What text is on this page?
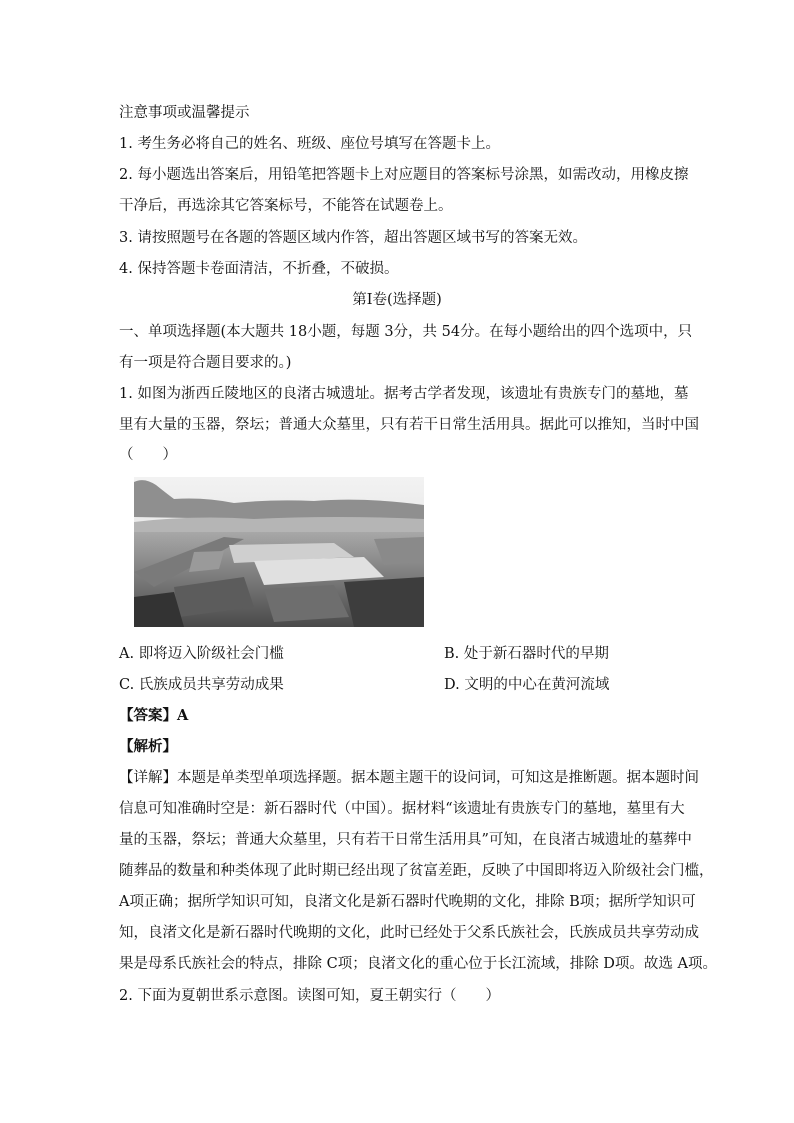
注意事项或温馨提示
1. 考生务必将自己的姓名、班级、座位号填写在答题卡上。
2. 每小题选出答案后，用铅笔把答题卡上对应题目的答案标号涂黑，如需改动，用橡皮擦
干净后，再选涂其它答案标号，不能答在试题卷上。
3. 请按照题号在各题的答题区域内作答，超出答题区域书写的答案无效。
4. 保持答题卡卷面清洁，不折叠，不破损。
第Ⅰ卷(选择题)
一、单项选择题(本大题共 18小题，每题 3分，共 54分。在每小题给出的四个选项中，只
有一项是符合题目要求的。)
1. 如图为浙西丘陵地区的良渚古城遗址。据考古学者发现，该遗址有贵族专门的墓地，墓
里有大量的玉器，祭坛；普通大众墓里，只有若干日常生活用具。据此可以推知，当时中国
（　　）
A. 即将迈入阶级社会门槛	B. 处于新石器时代的早期
C. 氏族成员共享劳动成果	D. 文明的中心在黄河流域
【答案】A
【解析】
【详解】本题是单类型单项选择题。据本题主题干的设问词，可知这是推断题。据本题时间
信息可知准确时空是：新石器时代（中国）。据材料“该遗址有贵族专门的墓地，墓里有大
量的玉器，祭坛；普通大众墓里，只有若干日常生活用具”可知，在良渚古城遗址的墓葬中
随葬品的数量和种类体现了此时期已经出现了贫富差距，反映了中国即将迈入阶级社会门槛，
A项正确；据所学知识可知，良渚文化是新石器时代晚期的文化，排除 B项；据所学知识可
知，良渚文化是新石器时代晚期的文化，此时已经处于父系氏族社会，氏族成员共享劳动成
果是母系氏族社会的特点，排除 C项；良渚文化的重心位于长江流域，排除 D项。故选 A项。
2. 下面为夏朝世系示意图。读图可知，夏王朝实行（　　）
